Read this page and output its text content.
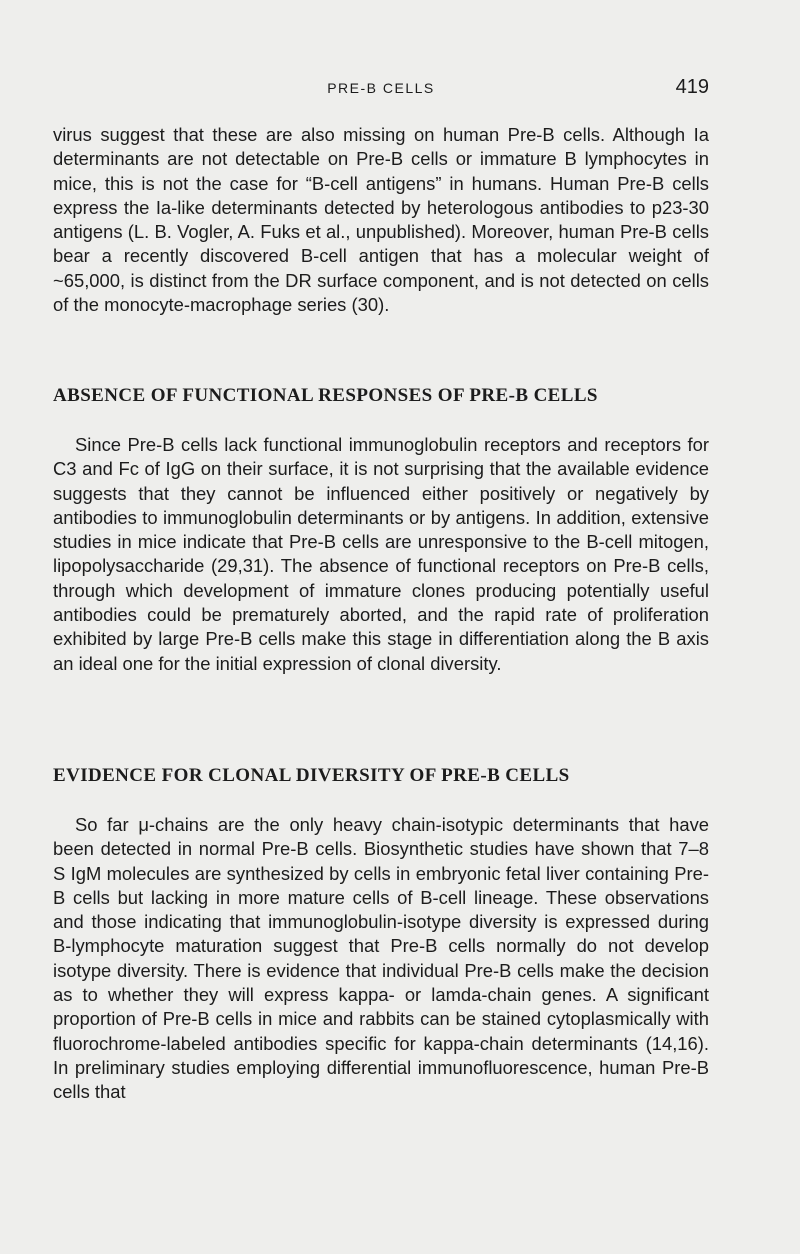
PRE-B CELLS	419

virus suggest that these are also missing on human Pre-B cells. Although Ia determinants are not detectable on Pre-B cells or immature B lymphocytes in mice, this is not the case for “B-cell antigens” in humans. Human Pre-B cells express the Ia-like determinants detected by heterologous antibodies to p23-30 antigens (L. B. Vogler, A. Fuks et al., unpublished). Moreover, human Pre-B cells bear a recently discovered B-cell antigen that has a molecular weight of ~65,000, is distinct from the DR surface component, and is not detected on cells of the monocyte-macrophage series (30).

ABSENCE OF FUNCTIONAL RESPONSES OF PRE-B CELLS

Since Pre-B cells lack functional immunoglobulin receptors and receptors for C3 and Fc of IgG on their surface, it is not surprising that the available evidence suggests that they cannot be influenced either positively or negatively by antibodies to immunoglobulin determinants or by antigens. In addition, extensive studies in mice indicate that Pre-B cells are unresponsive to the B-cell mitogen, lipopolysaccharide (29,31). The absence of functional receptors on Pre-B cells, through which development of immature clones producing potentially useful antibodies could be prematurely aborted, and the rapid rate of proliferation exhibited by large Pre-B cells make this stage in differentiation along the B axis an ideal one for the initial expression of clonal diversity.

EVIDENCE FOR CLONAL DIVERSITY OF PRE-B CELLS

So far μ-chains are the only heavy chain-isotypic determinants that have been detected in normal Pre-B cells. Biosynthetic studies have shown that 7–8 S IgM molecules are synthesized by cells in embryonic fetal liver containing Pre-B cells but lacking in more mature cells of B-cell lineage. These observations and those indicating that immunoglobulin-isotype diversity is expressed during B-lymphocyte maturation suggest that Pre-B cells normally do not develop isotype diversity. There is evidence that individual Pre-B cells make the decision as to whether they will express kappa- or lamda-chain genes. A significant proportion of Pre-B cells in mice and rabbits can be stained cytoplasmically with fluorochrome-labeled antibodies specific for kappa-chain determinants (14,16). In preliminary studies employing differential immunofluorescence, human Pre-B cells that
